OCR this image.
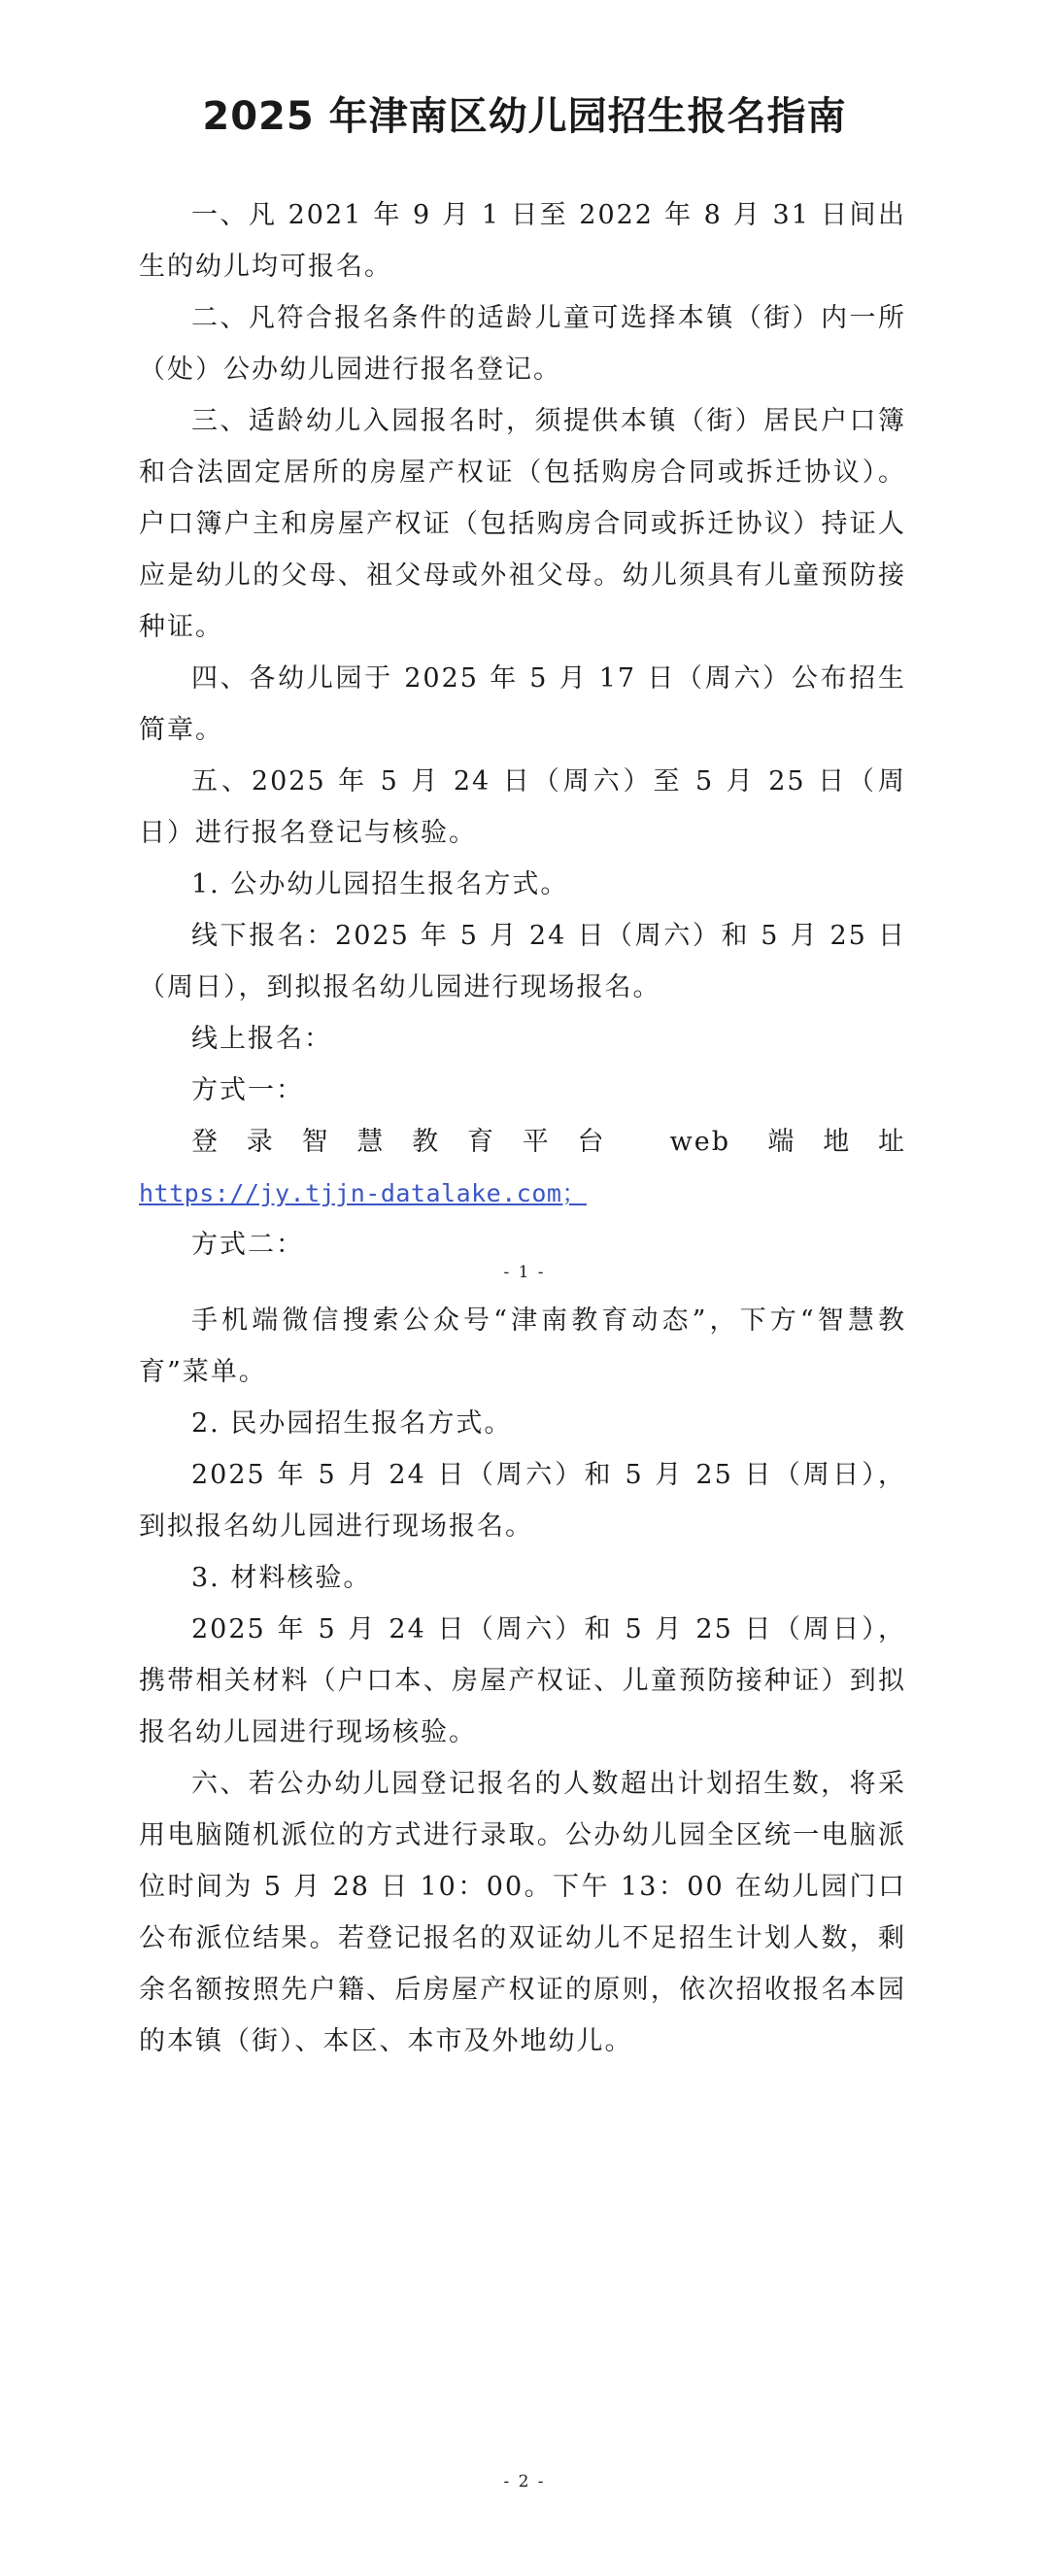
2025 年津南区幼儿园招生报名指南

一、凡 2021 年 9 月 1 日至 2022 年 8 月 31 日间出生的幼儿均可报名。

二、凡符合报名条件的适龄儿童可选择本镇（街）内一所（处）公办幼儿园进行报名登记。

三、适龄幼儿入园报名时，须提供本镇（街）居民户口簿和合法固定居所的房屋产权证（包括购房合同或拆迁协议）。户口簿户主和房屋产权证（包括购房合同或拆迁协议）持证人应是幼儿的父母、祖父母或外祖父母。幼儿须具有儿童预防接种证。

四、各幼儿园于 2025 年 5 月 17 日（周六）公布招生简章。

五、2025 年 5 月 24 日（周六）至 5 月 25 日（周日）进行报名登记与核验。

1. 公办幼儿园招生报名方式。

线下报名：2025 年 5 月 24 日（周六）和 5 月 25 日（周日），到拟报名幼儿园进行现场报名。

线上报名：

方式一：

登录智慧教育平台 web 端地址

https://jy.tjjn-datalake.com；

方式二：

- 1 -

手机端微信搜索公众号“津南教育动态”，下方“智慧教育”菜单。

2. 民办园招生报名方式。

2025 年 5 月 24 日（周六）和 5 月 25 日（周日），到拟报名幼儿园进行现场报名。

3. 材料核验。

2025 年 5 月 24 日（周六）和 5 月 25 日（周日），携带相关材料（户口本、房屋产权证、儿童预防接种证）到拟报名幼儿园进行现场核验。

六、若公办幼儿园登记报名的人数超出计划招生数，将采用电脑随机派位的方式进行录取。公办幼儿园全区统一电脑派位时间为 5 月 28 日 10：00。下午 13：00 在幼儿园门口公布派位结果。若登记报名的双证幼儿不足招生计划人数，剩余名额按照先户籍、后房屋产权证的原则，依次招收报名本园的本镇（街）、本区、本市及外地幼儿。

- 2 -
